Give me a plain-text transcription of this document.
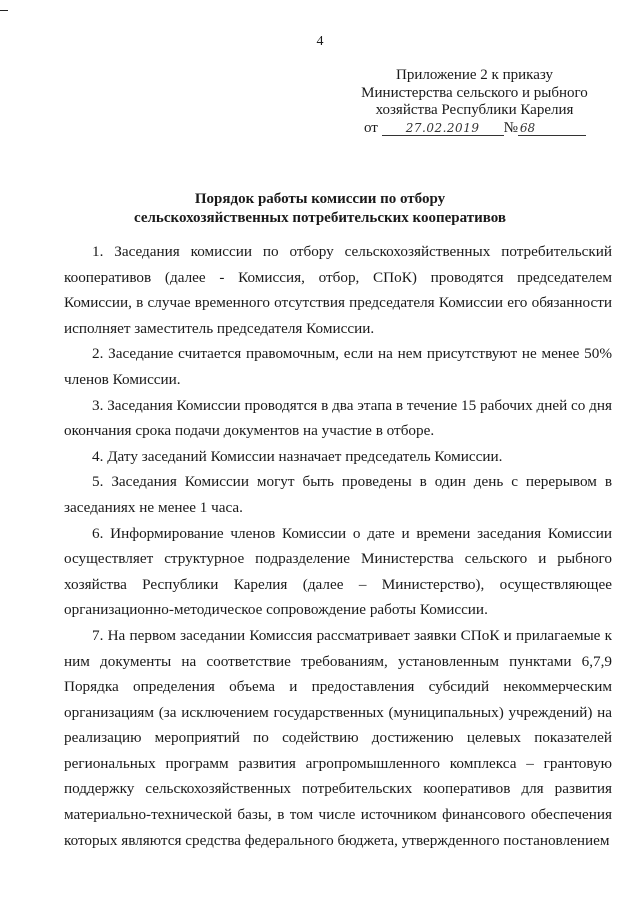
4
Приложение 2 к приказу
Министерства сельского и рыбного
хозяйства Республики Карелия
от 27.02.2019 № 68
Порядок работы комиссии по отбору
сельскохозяйственных потребительских кооперативов

1. Заседания комиссии по отбору сельскохозяйственных потребительский кооперативов (далее - Комиссия, отбор, СПоК) проводятся председателем Комиссии, в случае временного отсутствия председателя Комиссии его обязанности исполняет заместитель председателя Комиссии.

2. Заседание считается правомочным, если на нем присутствуют не менее 50% членов Комиссии.

3. Заседания Комиссии проводятся в два этапа в течение 15 рабочих дней со дня окончания срока подачи документов на участие в отборе.

4. Дату заседаний Комиссии назначает председатель Комиссии.

5. Заседания Комиссии могут быть проведены в один день с перерывом в заседаниях не менее 1 часа.

6. Информирование членов Комиссии о дате и времени заседания Комиссии осуществляет структурное подразделение Министерства сельского и рыбного хозяйства Республики Карелия (далее – Министерство), осуществляющее организационно-методическое сопровождение работы Комиссии.

7. На первом заседании Комиссия рассматривает заявки СПоК и прилагаемые к ним документы на соответствие требованиям, установленным пунктами 6,7,9 Порядка определения объема и предоставления субсидий некоммерческим организациям (за исключением государственных (муниципальных) учреждений) на реализацию мероприятий по содействию достижению целевых показателей региональных программ развития агропромышленного комплекса – грантовую поддержку сельскохозяйственных потребительских кооперативов для развития материально-технической базы, в том числе источником финансового обеспечения которых являются средства федерального бюджета, утвержденного постановлением
